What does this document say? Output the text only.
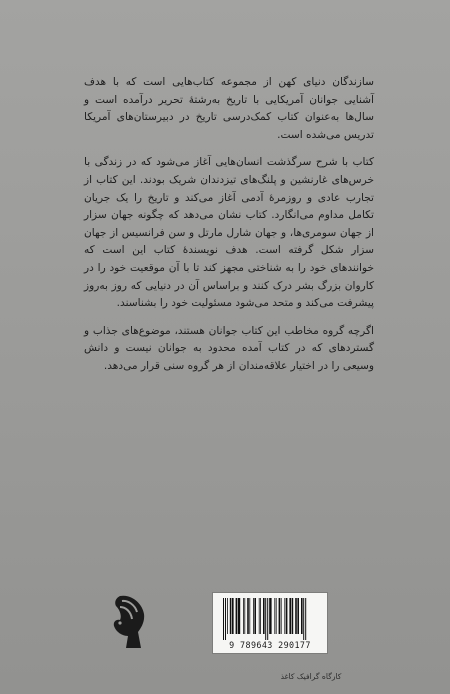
سازندگان دنیای کهن از مجموعه کتاب‌هایی است که با هدف آشنایی جوانان آمریکایی با تاریخ به‌رشتهٔ تحریر درآمده است و سال‌ها به‌عنوان کتاب کمک‌درسی تاریخ در دبیرستان‌های آمریکا تدریس می‌شده است.

کتاب با شرح سرگذشت انسان‌هایی آغاز می‌شود که در زندگی با خرس‌های غارنشین و پلنگ‌های تیزدندان شریک بودند. این کتاب از تجارب عادی و روزمرهٔ آدمی آغاز می‌کند و تاریخ را یک جریان تکامل مداوم می‌انگارد. کتاب نشان می‌دهد که چگونه جهان سزار از جهان سومری‌ها، و جهان شارل مارتل و سن فرانسیس از جهان سزار شکل گرفته است. هدف نویسندهٔ کتاب این است که خوانندهای خود را به شناختی مجهز کند تا با آن موقعیت خود را در کاروان بزرگ بشر درک کنند و براساس آن در دنیایی که روز به‌روز پیشرفت می‌کند و متحد می‌شود مسئولیت خود را بشناسند.

اگرچه گروه مخاطب این کتاب جوانان هستند، موضوع‌های جذاب و گستردهای که در کتاب آمده محدود به جوانان نیست و دانش وسیعی را در اختیار علاقه‌مندان از هر گروه سنی قرار می‌دهد.

9 789643 290177
کارگاه گرافیک کاغذ
